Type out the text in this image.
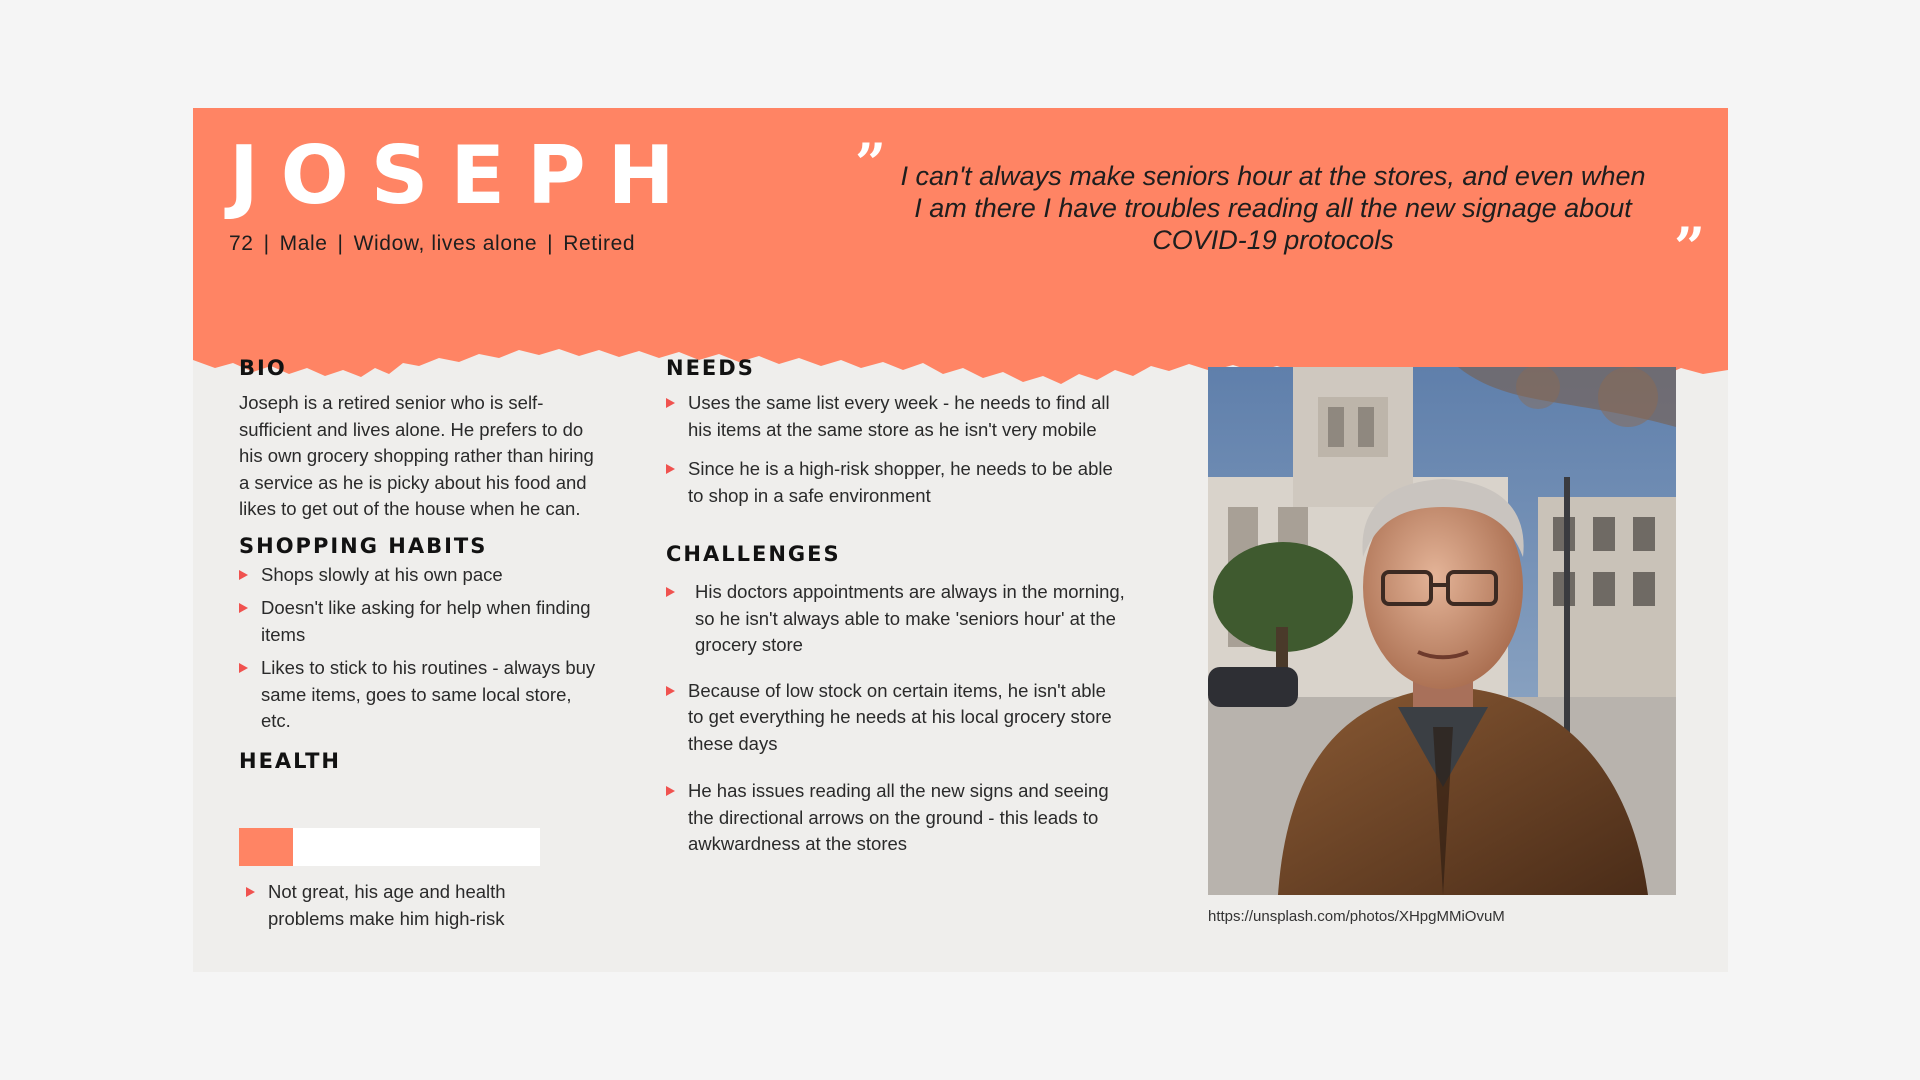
JOSEPH
72 | Male | Widow, lives alone | Retired
” I can't always make seniors hour at the stores, and even when I am there I have troubles reading all the new signage about COVID-19 protocols	”
BIO

Joseph is a retired senior who is self-sufficient and lives alone. He prefers to do his own grocery shopping rather than hiring a service as he is picky about his food and likes to get out of the house when he can.

SHOPPING HABITS
Shops slowly at his own pace
Doesn't like asking for help when finding items
Likes to stick to his routines - always buy same items, goes to same local store, etc.
HEALTH
Not great, his age and health problems make him high-risk
NEEDS
Uses the same list every week - he needs to find all his items at the same store as he isn't very mobile
Since he is a high-risk shopper, he needs to be able to shop in a safe environment
CHALLENGES
His doctors appointments are always in the morning, so he isn't always able to make 'seniors hour' at the grocery store
Because of low stock on certain items, he isn't able to get everything he needs at his local grocery store these days
He has issues reading all the new signs and seeing the directional arrows on the ground - this leads to awkwardness at the stores
https://unsplash.com/photos/XHpgMMiOvuM
